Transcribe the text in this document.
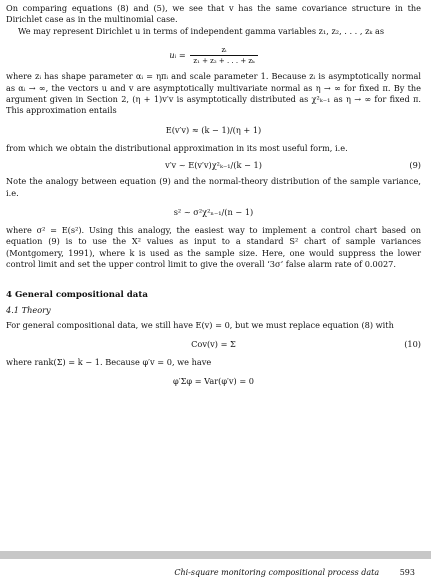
On comparing equations (8) and (5), we see that v has the same covariance structure in the Dirichlet case as in the multinomial case.

We may represent Dirichlet u in terms of independent gamma variables z₁, z₂, . . . , zₖ as

uᵢ = $\frac{\text{zᵢ}}{\text{z₁ + z₂ + . . . + zₖ}}$

where zᵢ has shape parameter αᵢ = ηπᵢ and scale parameter 1. Because zᵢ is asymptotically normal as αᵢ → ∞, the vectors u and v are asymptotically multivariate normal as η → ∞ for fixed π. By the argument given in Section 2, (η + 1)v′v is asymptotically distributed as χ²ₖ₋₁ as η → ∞ for fixed π. This approximation entails

E(v′v) ≈ (k − 1)/(η + 1)

from which we obtain the distributional approximation in its most useful form, i.e.

v′v ~ E(v′v)χ²ₖ₋₁/(k − 1)	(9)

Note the analogy between equation (9) and the normal-theory distribution of the sample variance, i.e.

s² ~ σ²χ²ₙ₋₁/(n − 1)

where σ² = E(s²). Using this analogy, the easiest way to implement a control chart based on equation (9) is to use the X² values as input to a standard S² chart of sample variances (Montgomery, 1991), where k is used as the sample size. Here, one would suppress the lower control limit and set the upper control limit to give the overall ‘3σ’ false alarm rate of 0.0027.

4 General compositional data

4.1 Theory

For general compositional data, we still have E(v) = 0, but we must replace equation (8) with

Cov(v) = Σ	(10)

where rank(Σ) = k − 1. Because φ′v = 0, we have

φ′Σφ = Var(φ′v) = 0
Chi-square monitoring compositional process data	593
